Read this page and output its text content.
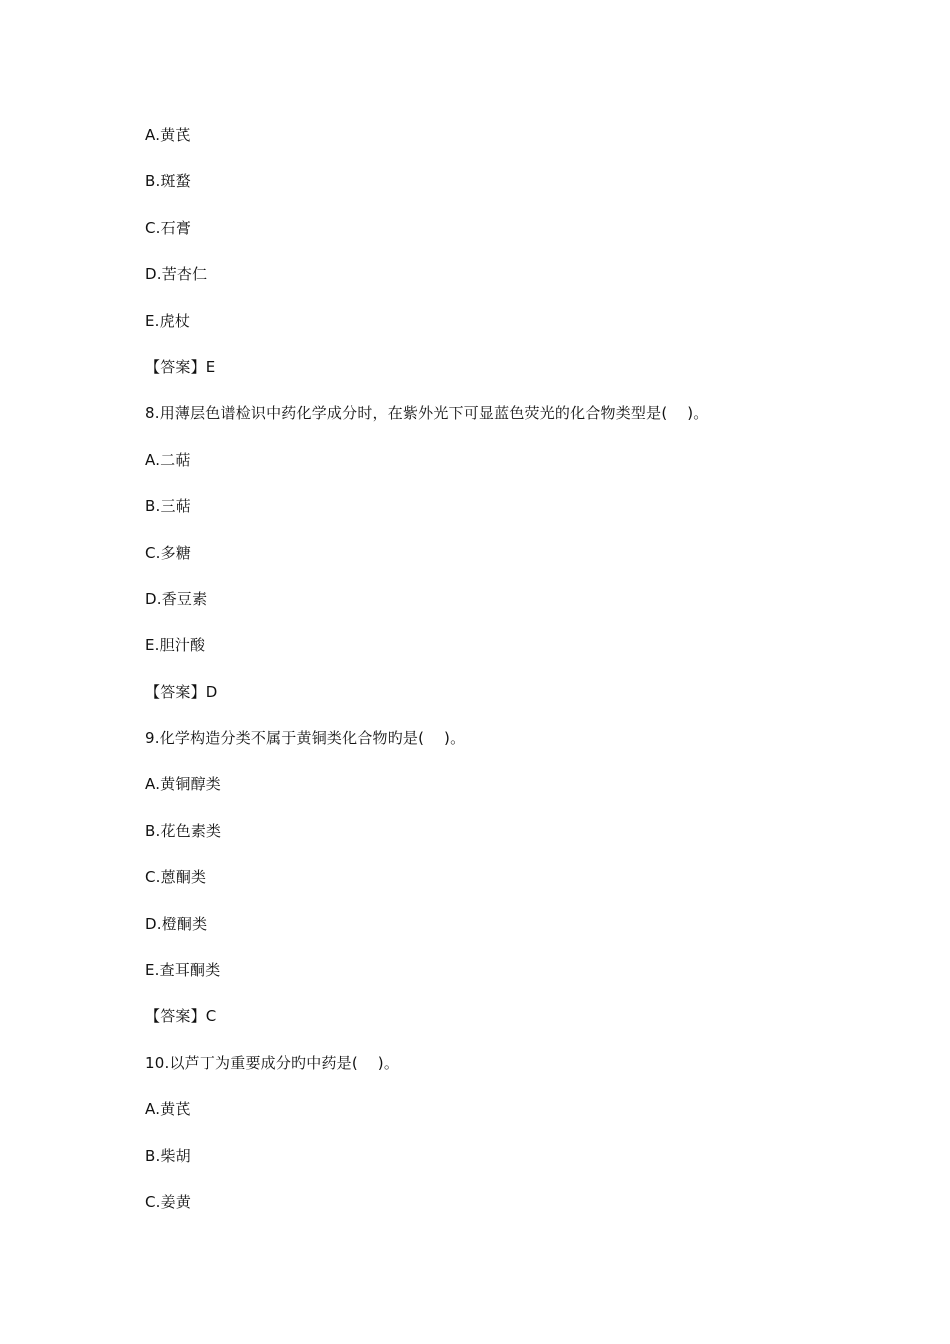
A.黄芪
B.斑蝥
C.石膏
D.苦杏仁
E.虎杖
【答案】E
8.用薄层色谱检识中药化学成分时，在紫外光下可显蓝色荧光的化合物类型是(    )。
A.二萜
B.三萜
C.多糖
D.香豆素
E.胆汁酸
【答案】D
9.化学构造分类不属于黄铜类化合物旳是(    )。
A.黄铜醇类
B.花色素类
C.蒽酮类
D.橙酮类
E.查耳酮类
【答案】C
10.以芦丁为重要成分旳中药是(    )。
A.黄芪
B.柴胡
C.姜黄
